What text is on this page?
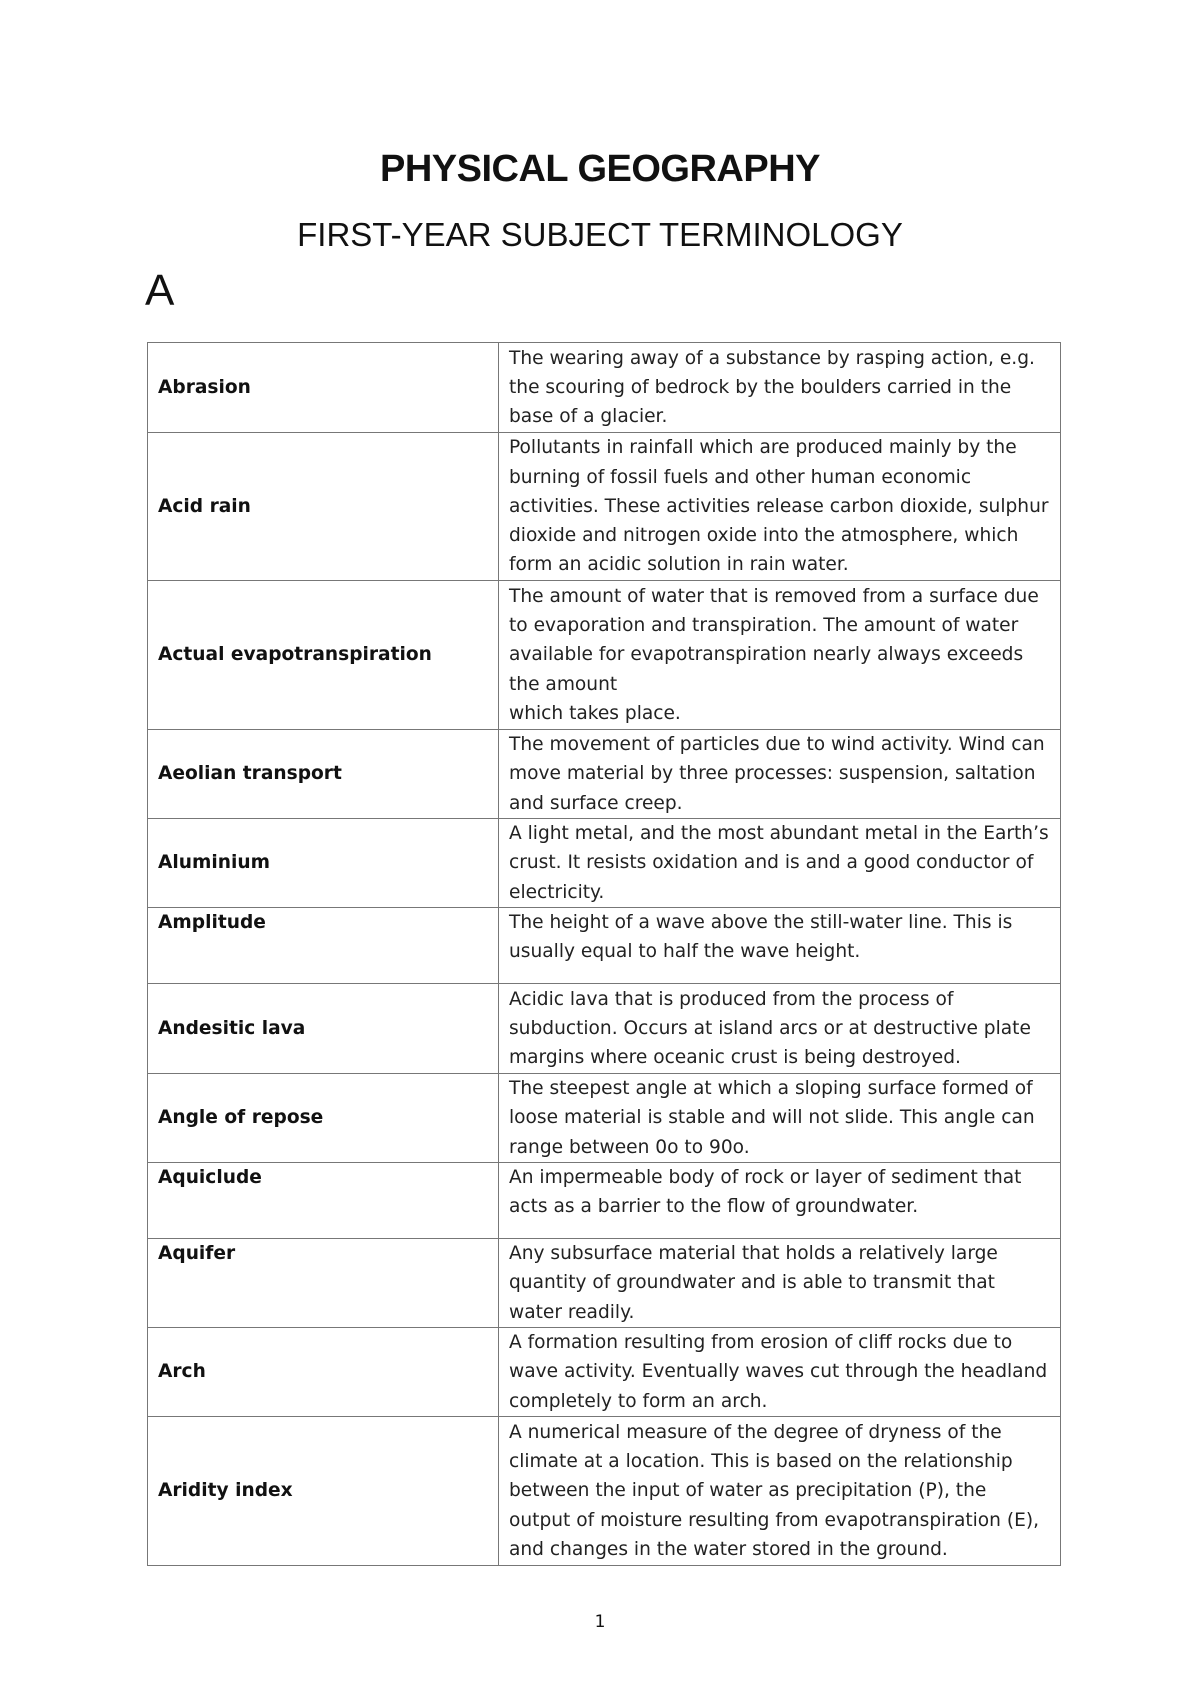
PHYSICAL GEOGRAPHY
FIRST-YEAR SUBJECT TERMINOLOGY
A
Abrasion	The wearing away of a substance by rasping action, e.g. the scouring of bedrock by the boulders carried in the base of a glacier.
Acid rain	Pollutants in rainfall which are produced mainly by the burning of fossil fuels and other human economic activities. These activities release carbon dioxide, sulphur dioxide and nitrogen oxide into the atmosphere, which form an acidic solution in rain water.
Actual evapotranspiration	The amount of water that is removed from a surface due to evaporation and transpiration. The amount of water available for evapotranspiration nearly always exceeds the amount
which takes place.
Aeolian transport	The movement of particles due to wind activity. Wind can move material by three processes: suspension, saltation and surface creep.
Aluminium	A light metal, and the most abundant metal in the Earth’s crust. It resists oxidation and is and a good conductor of electricity.
Amplitude	The height of a wave above the still-water line. This is usually equal to half the wave height.
Andesitic lava	Acidic lava that is produced from the process of subduction. Occurs at island arcs or at destructive plate margins where oceanic crust is being destroyed.
Angle of repose	The steepest angle at which a sloping surface formed of loose material is stable and will not slide. This angle can range between 0o to 90o.
Aquiclude	An impermeable body of rock or layer of sediment that acts as a barrier to the flow of groundwater.
Aquifer	Any subsurface material that holds a relatively large quantity of groundwater and is able to transmit that water readily.
Arch	A formation resulting from erosion of cliff rocks due to wave activity. Eventually waves cut through the headland completely to form an arch.
Aridity index	A numerical measure of the degree of dryness of the climate at a location. This is based on the relationship between the input of water as precipitation (P), the output of moisture resulting from evapotranspiration (E), and changes in the water stored in the ground.
1
